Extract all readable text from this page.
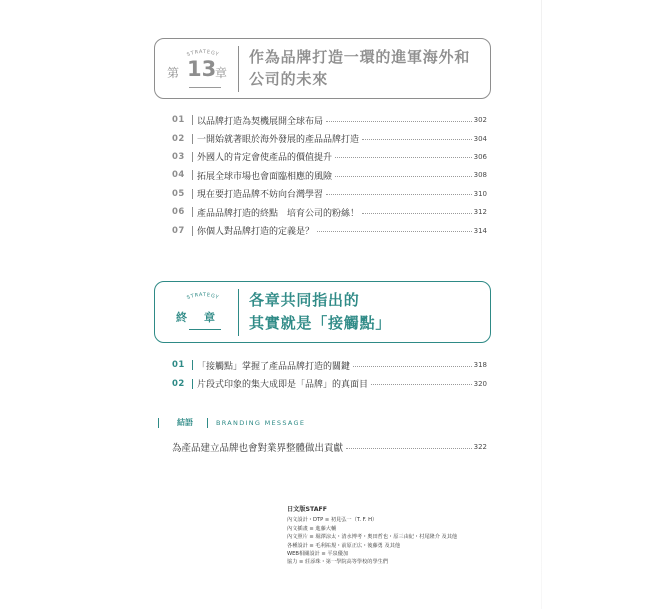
STRATEGY
第 13
章
作為品牌打造一環的進軍海外和
公司的未來
01	以品牌打造為契機展開全球布局	302
02	一開始就著眼於海外發展的產品品牌打造	304
03	外國人的肯定會使產品的價值提升	306
04	拓展全球市場也會面臨相應的風險	308
05	現在要打造品牌不妨向台灣學習	310
06	產品品牌打造的終點　培育公司的粉絲！	312
07	你個人對品牌打造的定義是？	314
STRATEGY
終　章
各章共同指出的
其實就是「接觸點」
01	「接觸點」掌握了產品品牌打造的關鍵	318
02	片段式印象的集大成即是「品牌」的真面目	320
結語	BRANDING MESSAGE
為產品建立品牌也會對業界整體做出貢獻	322
日文版STAFF
內文設計・DTP ≡ 初見弘一（T. F. H）
內文插畫 ≡ 進藤大輔
內文照片 ≡ 堀澤涼太・清水博考・奧田哲也・原三由紀・村尾隆介 及其他
各種設計 ≡ 毛利祐規・前原正広・後藤勇 及其他
WEB相關設計 ≡ 平泉優加
協力 ≡ 莊添珠・第一學院高等學校的學生們
